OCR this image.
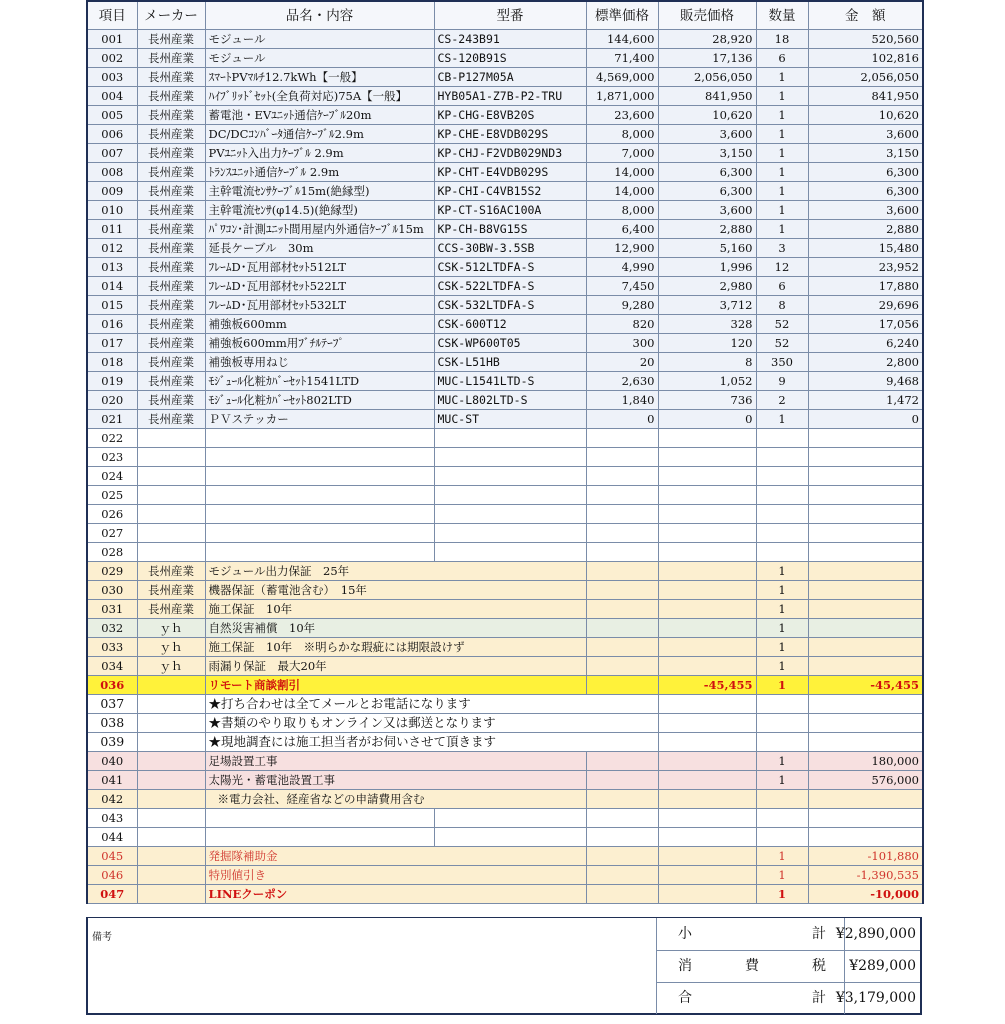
項目	メーカー	品名・内容	型番	標準価格	販売価格	数量	金　額
001	長州産業	モジュール	CS-243B91	144,600	28,920	18	520,560
002	長州産業	モジュール	CS-120B91S	71,400	17,136	6	102,816
003	長州産業	ｽﾏｰﾄPVﾏﾙﾁ12.7kWh【一般】	CB-P127M05A	4,569,000	2,056,050	1	2,056,050
004	長州産業	ﾊｲﾌﾞﾘｯﾄﾞｾｯﾄ(全負荷対応)75A【一般】	HYB05A1-Z7B-P2-TRU	1,871,000	841,950	1	841,950
005	長州産業	蓄電池・EVﾕﾆｯﾄ通信ｹｰﾌﾞﾙ20m	KP-CHG-E8VB20S	23,600	10,620	1	10,620
006	長州産業	DC/DCｺﾝﾊﾞｰﾀ通信ｹｰﾌﾞﾙ2.9m	KP-CHE-E8VDB029S	8,000	3,600	1	3,600
007	長州産業	PVﾕﾆｯﾄ入出力ｹｰﾌﾞﾙ 2.9m	KP-CHJ-F2VDB029ND3	7,000	3,150	1	3,150
008	長州産業	ﾄﾗﾝｽﾕﾆｯﾄ通信ｹｰﾌﾞﾙ 2.9m	KP-CHT-E4VDB029S	14,000	6,300	1	6,300
009	長州産業	主幹電流ｾﾝｻｹｰﾌﾞﾙ15m(絶縁型)	KP-CHI-C4VB15S2	14,000	6,300	1	6,300
010	長州産業	主幹電流ｾﾝｻ(φ14.5)(絶縁型)	KP-CT-S16AC100A	8,000	3,600	1	3,600
011	長州産業	ﾊﾟﾜｺﾝ･計測ﾕﾆｯﾄ間用屋内外通信ｹｰﾌﾞﾙ15m	KP-CH-B8VG15S	6,400	2,880	1	2,880
012	長州産業	延長ケーブル　30m	CCS-30BW-3.5SB	12,900	5,160	3	15,480
013	長州産業	ﾌﾚｰﾑD･瓦用部材ｾｯﾄ512LT	CSK-512LTDFA-S	4,990	1,996	12	23,952
014	長州産業	ﾌﾚｰﾑD･瓦用部材ｾｯﾄ522LT	CSK-522LTDFA-S	7,450	2,980	6	17,880
015	長州産業	ﾌﾚｰﾑD･瓦用部材ｾｯﾄ532LT	CSK-532LTDFA-S	9,280	3,712	8	29,696
016	長州産業	補強板600mm	CSK-600T12	820	328	52	17,056
017	長州産業	補強板600mm用ﾌﾞﾁﾙﾃｰﾌﾟ	CSK-WP600T05	300	120	52	6,240
018	長州産業	補強板専用ねじ	CSK-L51HB	20	8	350	2,800
019	長州産業	ﾓｼﾞｭｰﾙ化粧ｶﾊﾞｰｾｯﾄ1541LTD	MUC-L1541LTD-S	2,630	1,052	9	9,468
020	長州産業	ﾓｼﾞｭｰﾙ化粧ｶﾊﾞｰｾｯﾄ802LTD	MUC-L802LTD-S	1,840	736	2	1,472
021	長州産業	ＰＶステッカー	MUC-ST	0	0	1	0
022							
023							
024							
025							
026							
027							
028							
029	長州産業	モジュール出力保証　25年				1	
030	長州産業	機器保証（蓄電池含む）　15年				1	
031	長州産業	施工保証　10年				1	
032	ｙｈ	自然災害補償　10年				1	
033	ｙｈ	施工保証　10年　※明らかな瑕疵には期限設けず				1	
034	ｙｈ	雨漏り保証　最大20年				1	
036		リモート商談割引			-45,455	1	-45,455
037		★打ち合わせは全てメールとお電話になります					
038		★書類のやり取りもオンライン又は郵送となります					
039		★現地調査には施工担当者がお伺いさせて頂きます					
040		足場設置工事				1	180,000
041		太陽光・蓄電池設置工事				1	576,000
042		※電力会社、経産省などの申請費用含む					
043							
044							
045		発掘隊補助金				1	-101,880
046		特別値引き				1	-1,390,535
047		LINEクーポン				1	-10,000
備考	小	計 ¥2,890,000
消	費	税	¥289,000
合	計 ¥3,179,000
